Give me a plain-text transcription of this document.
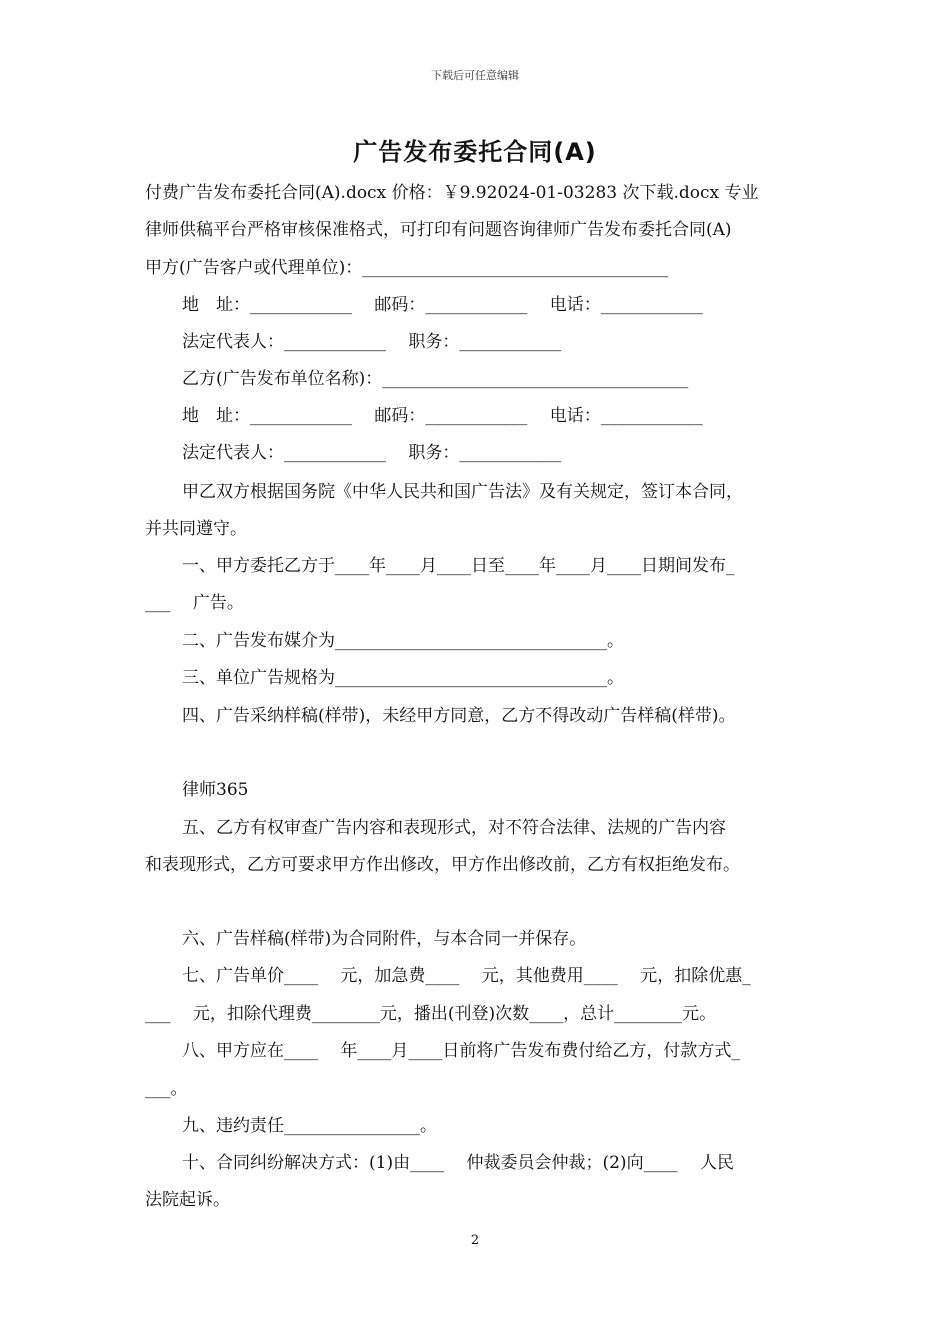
下载后可任意编辑
广告发布委托合同(A)
付费广告发布委托合同(A).docx 价格：￥9.92024-01-03283 次下载.docx 专业
律师供稿平台严格审核保准格式，可打印有问题咨询律师广告发布委托合同(A)
甲方(广告客户或代理单位)：____________________________________
地　址：____________　 邮码：____________　 电话：____________
法定代表人：____________　 职务：____________
乙方(广告发布单位名称)：____________________________________
地　址：____________　 邮码：____________　 电话：____________
法定代表人：____________　 职务：____________
甲乙双方根据国务院《中华人民共和国广告法》及有关规定，签订本合同，
并共同遵守。
一、甲方委托乙方于____年____月____日至____年____月____日期间发布_
___　 广告。
二、广告发布媒介为________________________________。
三、单位广告规格为________________________________。
四、广告采纳样稿(样带)，未经甲方同意，乙方不得改动广告样稿(样带)。
律师365
五、乙方有权审查广告内容和表现形式，对不符合法律、法规的广告内容
和表现形式，乙方可要求甲方作出修改，甲方作出修改前，乙方有权拒绝发布。
六、广告样稿(样带)为合同附件，与本合同一并保存。
七、广告单价____　 元，加急费____　 元，其他费用____　 元，扣除优惠_
___　 元，扣除代理费________元，播出(刊登)次数____，总计________元。
八、甲方应在____　 年____月____日前将广告发布费付给乙方，付款方式_
___。
九、违约责任________________。
十、合同纠纷解决方式：(1)由____　 仲裁委员会仲裁；(2)向____　 人民
法院起诉。
2
